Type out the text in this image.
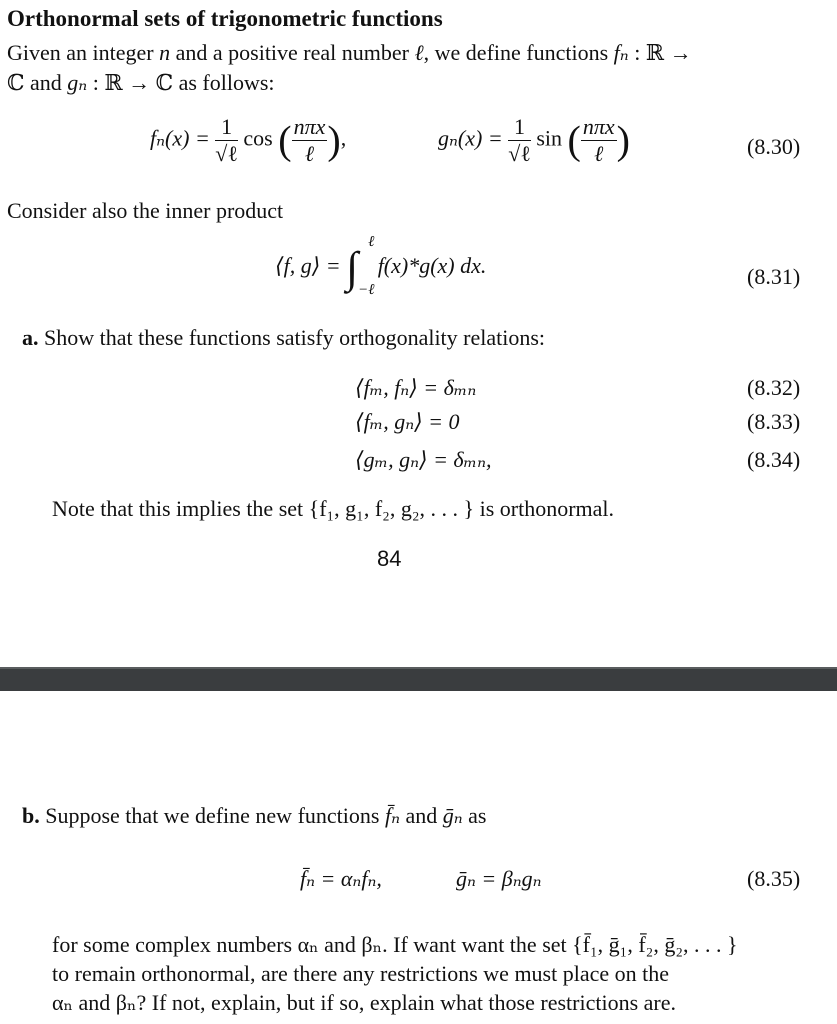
Orthonormal sets of trigonometric functions
Given an integer n and a positive real number ℓ, we define functions fₙ : ℝ →
ℂ and gₙ : ℝ → ℂ as follows:
$f_n(x) = \frac{1}{\text{√ℓ}}$ cos ( $\frac{\text{nπx}}{\text{ℓ}}$ ),	$g_n(x) = \frac{1}{\text{√ℓ}}$ sin ( $\frac{\text{nπx}}{\text{ℓ}}$ )	(8.30)
Consider also the inner product
⟨f, g⟩ = ∫
ℓ
−ℓ
f(x)*g(x) dx.	(8.31)
a. Show that these functions satisfy orthogonality relations:
⟨fₘ, fₙ⟩ = δₘₙ	(8.32)
⟨fₘ, gₙ⟩ = 0	(8.33)
⟨gₘ, gₙ⟩ = δₘₙ,	(8.34)
Note that this implies the set {f₁, g₁, f₂, g₂, . . . } is orthonormal.
84
b. Suppose that we define new functions f̄ₙ and ḡₙ as
f̄ₙ = αₙfₙ,	ḡₙ = βₙgₙ	(8.35)
for some complex numbers αₙ and βₙ. If want want the set {f̄₁, ḡ₁, f̄₂, ḡ₂, . . . }
to remain orthonormal, are there any restrictions we must place on the
αₙ and βₙ? If not, explain, but if so, explain what those restrictions are.
